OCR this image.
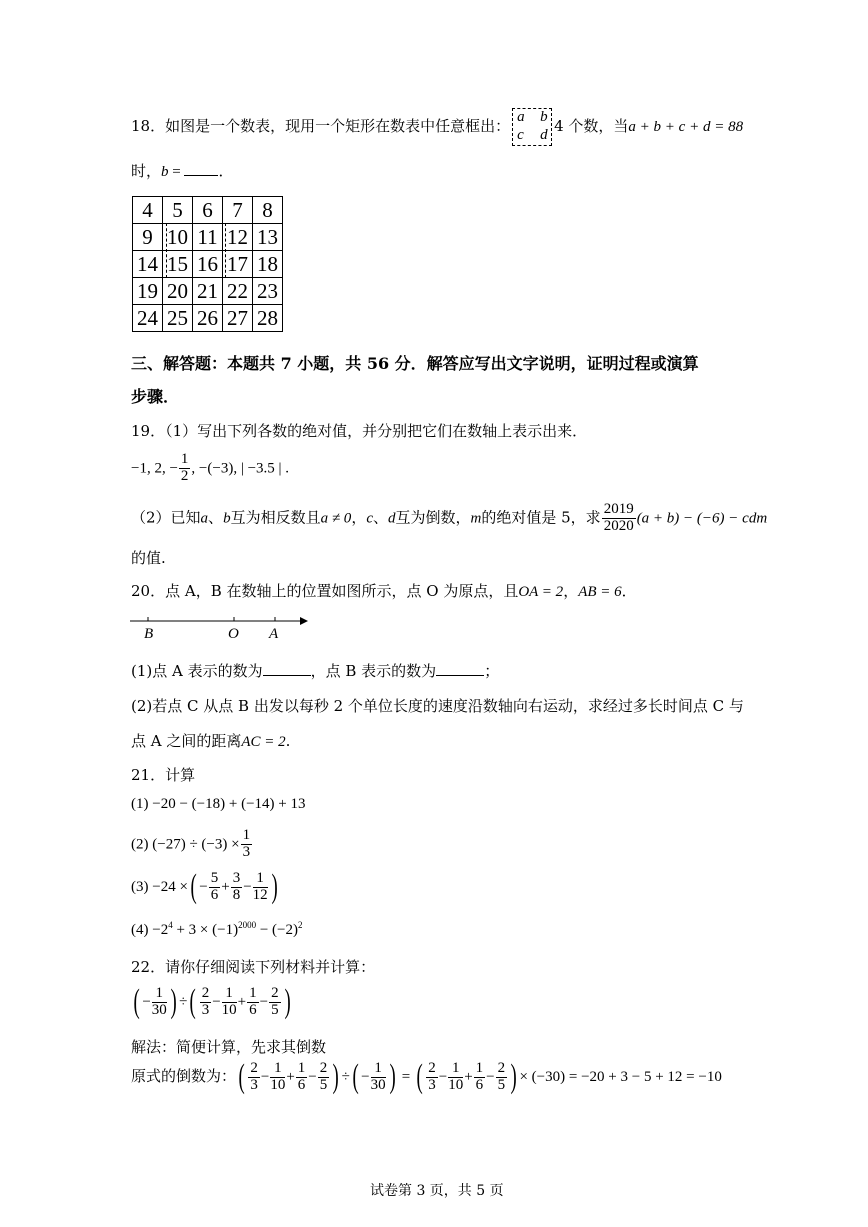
18．如图是一个数表，现用一个矩形在数表中任意框出： a b
c d 4 个数，当a + b + c + d = 88
时，b = ．
4	5	6	7	8
9	10	11	12	13
14	15	16	17	18
19	20	21	22	23
24	25	26	27	28
三、解答题：本题共 7 小题，共 56 分．解答应写出文字说明，证明过程或演算
步骤．
19．（1）写出下列各数的绝对值，并分别把它们在数轴上表示出来．
−1, 2, − $\frac{1}{2}$ , −(−3), | −3.5 | .
（2）已知a、b互为相反数且a ≠ 0，c、d互为倒数，m的绝对值是 5，求 $\frac{2019}{2020} (a + b) - (-6)$ − cdm
的值.
20．点 A，B 在数轴上的位置如图所示，点 O 为原点，且OA = 2，AB = 6．
B	O A
(1)点 A 表示的数为	，点 B 表示的数为	；
(2)若点 C 从点 B 出发以每秒 2 个单位长度的速度沿数轴向右运动，求经过多长时间点 C 与
点 A 之间的距离AC = 2.
21．计算
(1) −20 − (−18) + (−14) + 13
(2) $(-27) \div (-3) \times \frac{1}{3}$
(3) −24 ×( − $\frac{5}{6} + \frac{3}{8} - \frac{1}{12}$ )
$(4) -2^4 + 3 \times (-1)^{2000} - (-2)^2$
22．请你仔细阅读下列材料并计算：
( − $\frac{1}{30}$ ) ÷( $\frac{2}{3} - \frac{1}{10} + \frac{1}{6} - \frac{2}{5}$ )
解法：简便计算，先求其倒数
原式的倒数为：( $\frac{2}{3} - \frac{1}{10} + \frac{1}{6} - \frac{2}{5}$ ) ÷( − $\frac{1}{30}$ ) = ( $\frac{2}{3} - \frac{1}{10} + \frac{1}{6} - \frac{2}{5}$ ) × (−30) = −20 + 3 − 5 + 12 = −10
试卷第 3 页，共 5 页
